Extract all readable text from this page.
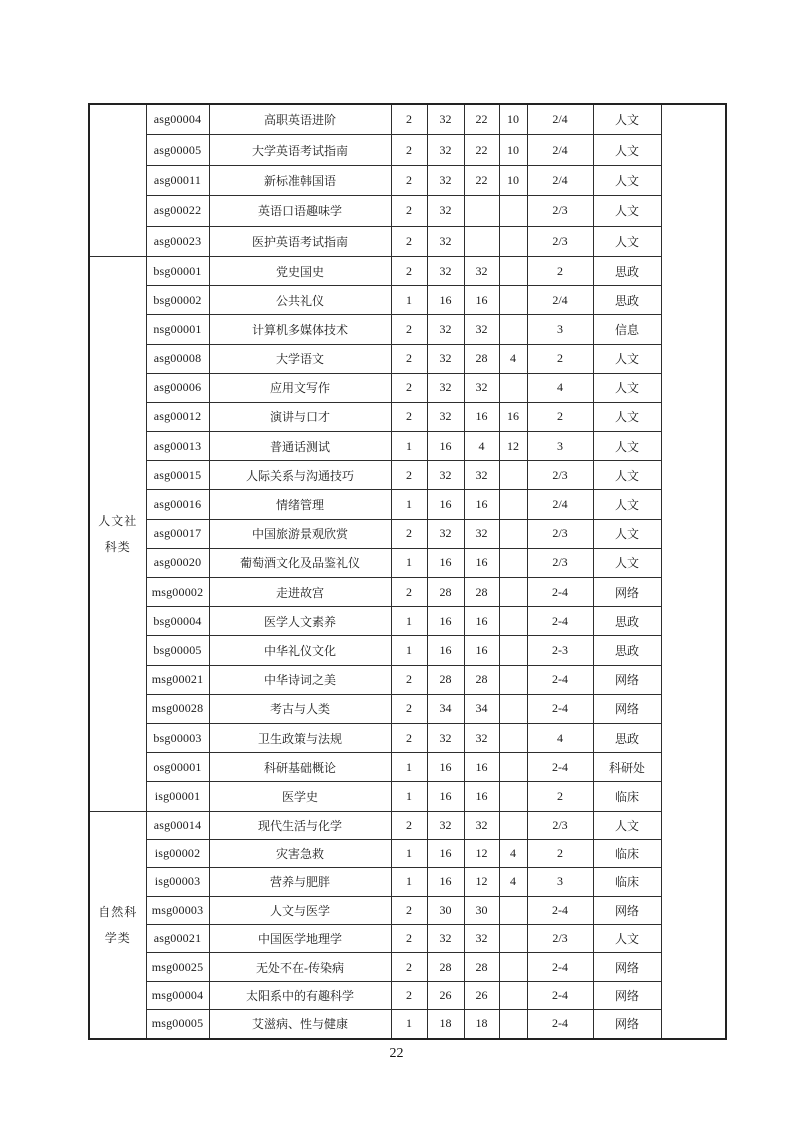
	asg00004	高职英语进阶	2	32	22	10	2/4	人文	
	asg00005	大学英语考试指南	2	32	22	10	2/4	人文	
	asg00011	新标准韩国语	2	32	22	10	2/4	人文	
	asg00022	英语口语趣味学	2	32			2/3	人文	
	asg00023	医护英语考试指南	2	32			2/3	人文	

人文社
科类	bsg00001	党史国史	2	32	32		2	思政	
	bsg00002	公共礼仪	1	16	16		2/4	思政	
	nsg00001	计算机多媒体技术	2	32	32		3	信息	
	asg00008	大学语文	2	32	28	4	2	人文	
	asg00006	应用文写作	2	32	32		4	人文	
	asg00012	演讲与口才	2	32	16	16	2	人文	
	asg00013	普通话测试	1	16	4	12	3	人文	
	asg00015	人际关系与沟通技巧	2	32	32		2/3	人文	
	asg00016	情绪管理	1	16	16		2/4	人文	
	asg00017	中国旅游景观欣赏	2	32	32		2/3	人文	
	asg00020	葡萄酒文化及品鉴礼仪	1	16	16		2/3	人文	
	msg00002	走进故宫	2	28	28		2-4	网络	
	bsg00004	医学人文素养	1	16	16		2-4	思政	
	bsg00005	中华礼仪文化	1	16	16		2-3	思政	
	msg00021	中华诗词之美	2	28	28		2-4	网络	
	msg00028	考古与人类	2	34	34		2-4	网络	
	bsg00003	卫生政策与法规	2	32	32		4	思政	
	osg00001	科研基础概论	1	16	16		2-4	科研处	
	isg00001	医学史	1	16	16		2	临床	

自然科
学类	asg00014	现代生活与化学	2	32	32		2/3	人文	
	isg00002	灾害急救	1	16	12	4	2	临床	
	isg00003	营养与肥胖	1	16	12	4	3	临床	
	msg00003	人文与医学	2	30	30		2-4	网络	
	asg00021	中国医学地理学	2	32	32		2/3	人文	
	msg00025	无处不在-传染病	2	28	28		2-4	网络	
	msg00004	太阳系中的有趣科学	2	26	26		2-4	网络	
	msg00005	艾滋病、性与健康	1	18	18		2-4	网络	
22
